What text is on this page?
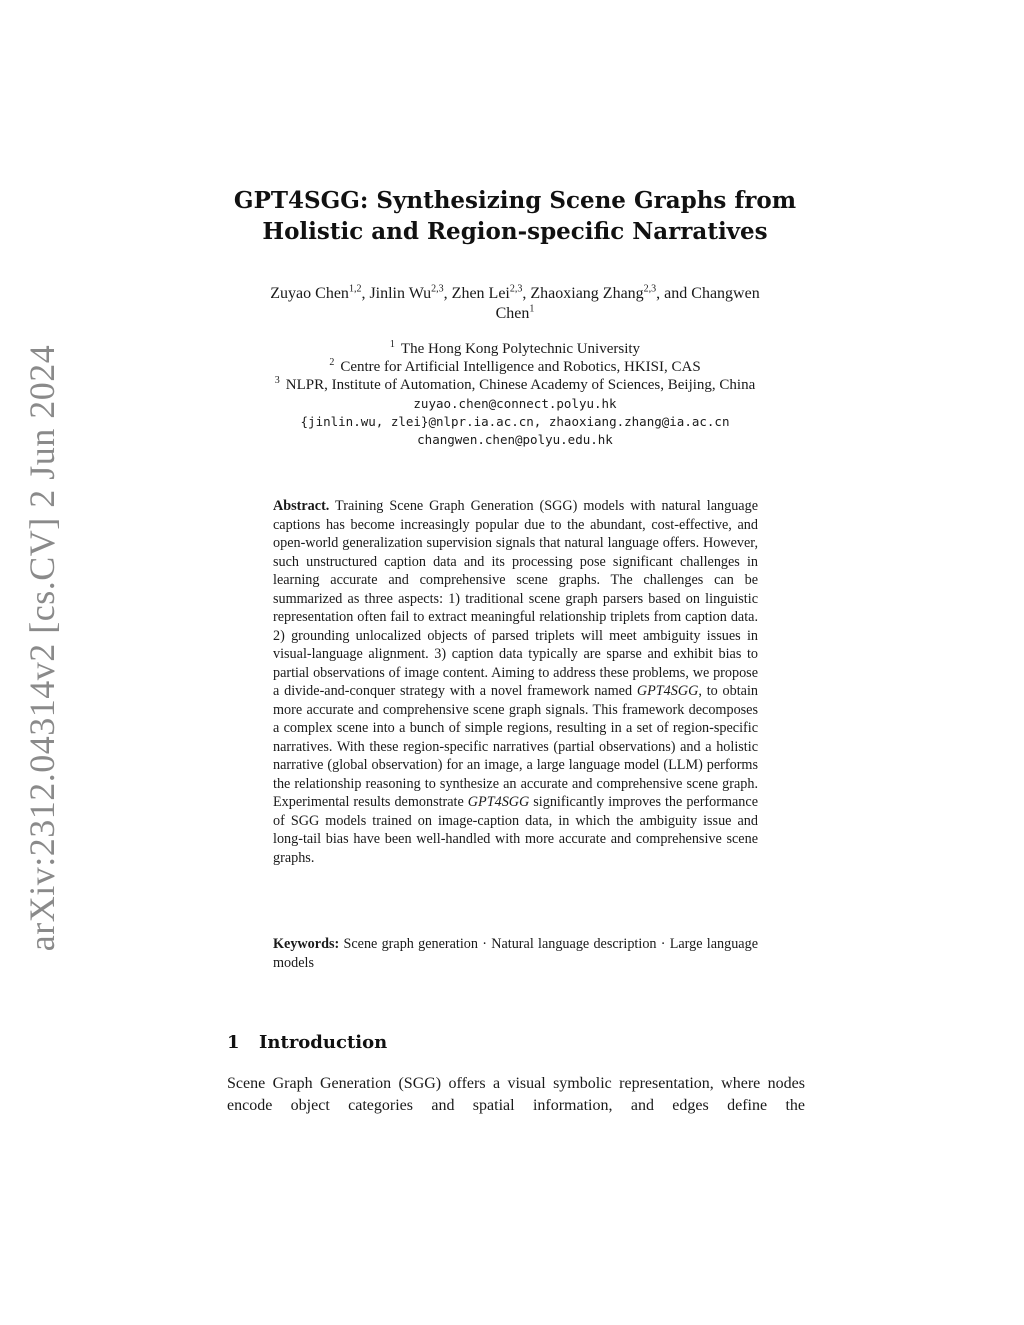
arXiv:2312.04314v2 [cs.CV] 2 Jun 2024
GPT4SGG: Synthesizing Scene Graphs from
Holistic and Region-specific Narratives
Zuyao Chen$^{1,2}$, Jinlin Wu$^{2,3}$, Zhen Lei$^{2,3}$, Zhaoxiang Zhang$^{2,3}$, and Changwen
Chen$^1$
$^1$ The Hong Kong Polytechnic University
$^2$ Centre for Artificial Intelligence and Robotics, HKISI, CAS
$^3$ NLPR, Institute of Automation, Chinese Academy of Sciences, Beijing, China
zuyao.chen@connect.polyu.hk
{jinlin.wu, zlei}@nlpr.ia.ac.cn, zhaoxiang.zhang@ia.ac.cn
changwen.chen@polyu.edu.hk
Abstract. Training Scene Graph Generation (SGG) models with natural language captions has become increasingly popular due to the abundant, cost-effective, and open-world generalization supervision signals that natural language offers. However, such unstructured caption data and its processing pose significant challenges in learning accurate and comprehensive scene graphs. The challenges can be summarized as three aspects: 1) traditional scene graph parsers based on linguistic representation often fail to extract meaningful relationship triplets from caption data. 2) grounding unlocalized objects of parsed triplets will meet ambiguity issues in visual-language alignment. 3) caption data typically are sparse and exhibit bias to partial observations of image content. Aiming to address these problems, we propose a divide-and-conquer strategy with a novel framework named GPT4SGG, to obtain more accurate and comprehensive scene graph signals. This framework decomposes a complex scene into a bunch of simple regions, resulting in a set of region-specific narratives. With these region-specific narratives (partial observations) and a holistic narrative (global observation) for an image, a large language model (LLM) performs the relationship reasoning to synthesize an accurate and comprehensive scene graph. Experimental results demonstrate GPT4SGG significantly improves the performance of SGG models trained on image-caption data, in which the ambiguity issue and long-tail bias have been well-handled with more accurate and comprehensive scene graphs.
Keywords: Scene graph generation · Natural language description · Large language models
1 Introduction
Scene Graph Generation (SGG) offers a visual symbolic representation, where nodes encode object categories and spatial information, and edges define the
